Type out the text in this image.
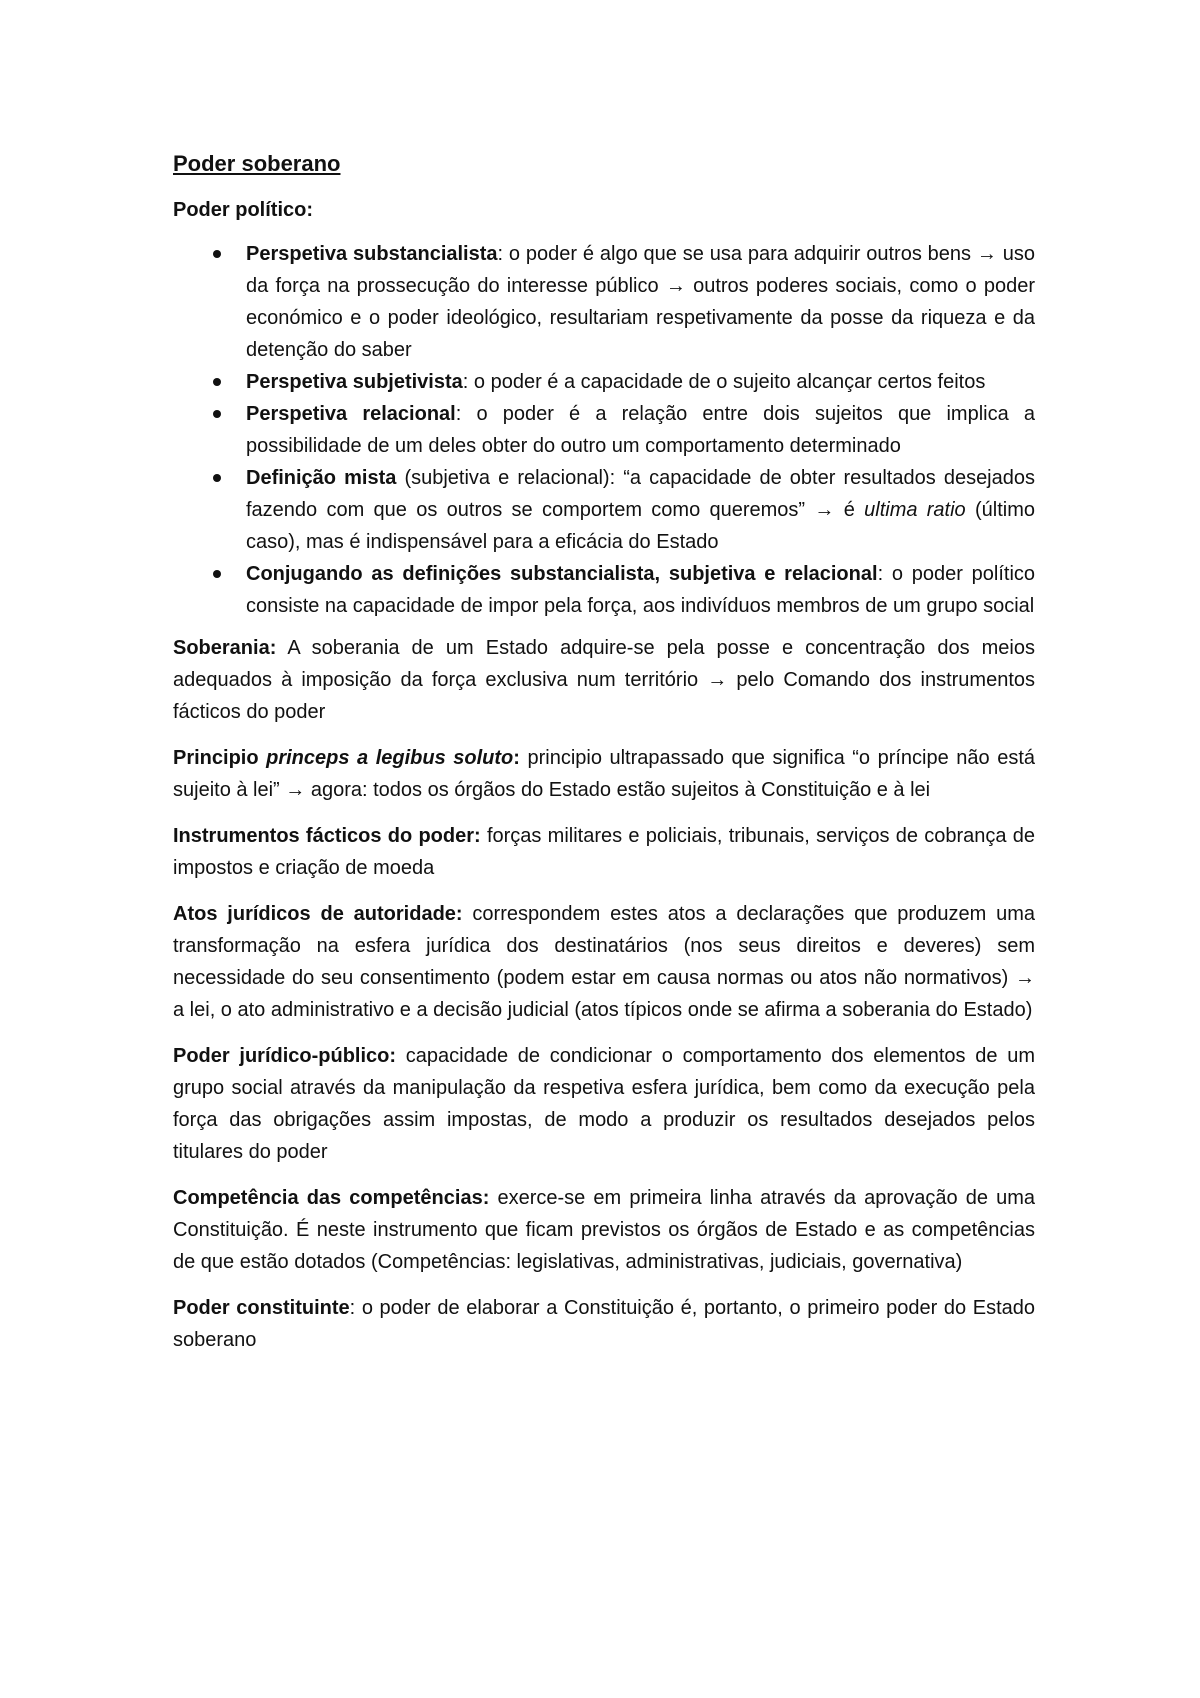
Poder soberano
Poder político:
Perspetiva substancialista: o poder é algo que se usa para adquirir outros bens → uso da força na prossecução do interesse público → outros poderes sociais, como o poder económico e o poder ideológico, resultariam respetivamente da posse da riqueza e da detenção do saber
Perspetiva subjetivista: o poder é a capacidade de o sujeito alcançar certos feitos
Perspetiva relacional: o poder é a relação entre dois sujeitos que implica a possibilidade de um deles obter do outro um comportamento determinado
Definição mista (subjetiva e relacional): “a capacidade de obter resultados desejados fazendo com que os outros se comportem como queremos” → é ultima ratio (último caso), mas é indispensável para a eficácia do Estado
Conjugando as definições substancialista, subjetiva e relacional: o poder político consiste na capacidade de impor pela força, aos indivíduos membros de um grupo social

Soberania: A soberania de um Estado adquire-se pela posse e concentração dos meios adequados à imposição da força exclusiva num território → pelo Comando dos instrumentos fácticos do poder

Principio princeps a legibus soluto: principio ultrapassado que significa “o príncipe não está sujeito à lei” → agora: todos os órgãos do Estado estão sujeitos à Constituição e à lei

Instrumentos fácticos do poder: forças militares e policiais, tribunais, serviços de cobrança de impostos e criação de moeda

Atos jurídicos de autoridade: correspondem estes atos a declarações que produzem uma transformação na esfera jurídica dos destinatários (nos seus direitos e deveres) sem necessidade do seu consentimento (podem estar em causa normas ou atos não normativos) → a lei, o ato administrativo e a decisão judicial (atos típicos onde se afirma a soberania do Estado)

Poder jurídico-público: capacidade de condicionar o comportamento dos elementos de um grupo social através da manipulação da respetiva esfera jurídica, bem como da execução pela força das obrigações assim impostas, de modo a produzir os resultados desejados pelos titulares do poder

Competência das competências: exerce-se em primeira linha através da aprovação de uma Constituição. É neste instrumento que ficam previstos os órgãos de Estado e as competências de que estão dotados (Competências: legislativas, administrativas, judiciais, governativa)

Poder constituinte: o poder de elaborar a Constituição é, portanto, o primeiro poder do Estado soberano
